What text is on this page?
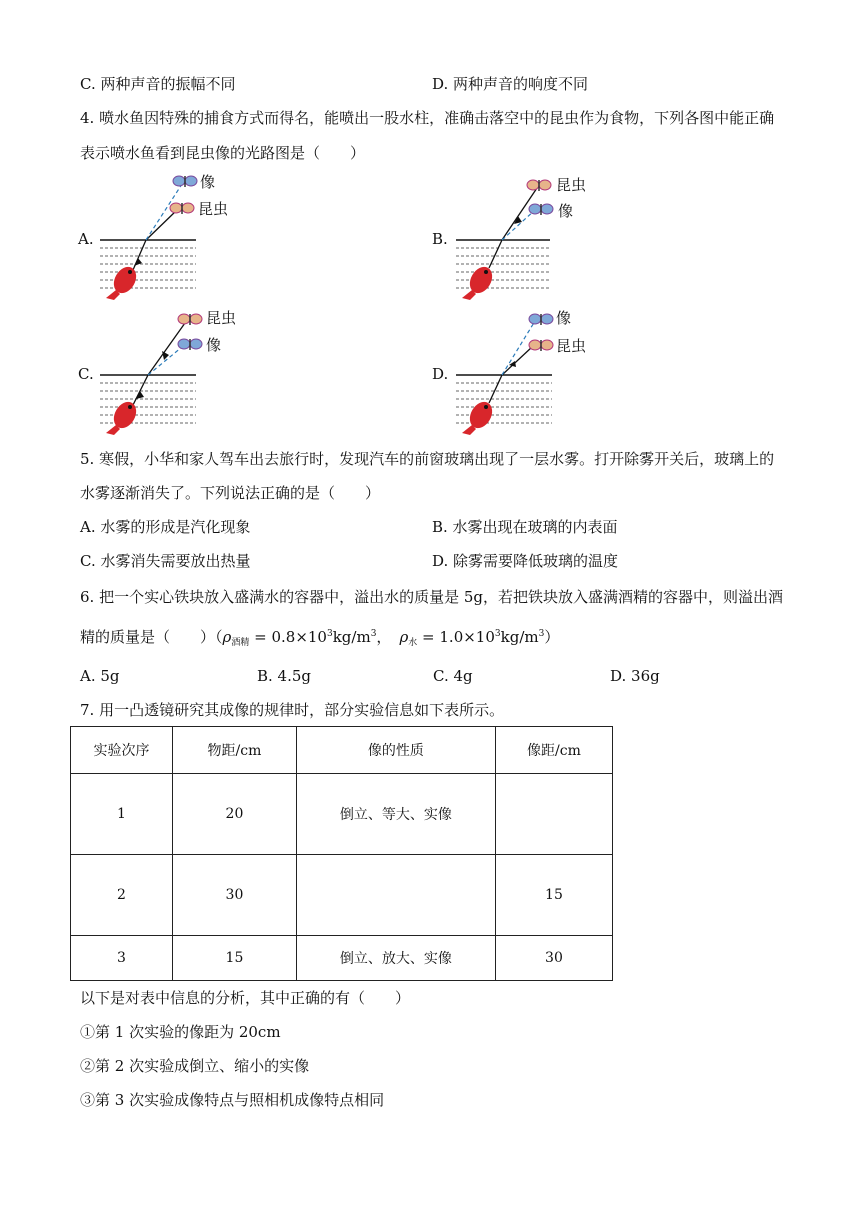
C. 两种声音的振幅不同	D. 两种声音的响度不同
4. 喷水鱼因特殊的捕食方式而得名，能喷出一股水柱，准确击落空中的昆虫作为食物，下列各图中能正确
表示喷水鱼看到昆虫像的光路图是（　　）
A.
像
昆虫
B.
昆虫
像
C.
昆虫
像
D.
像
昆虫
5. 寒假，小华和家人驾车出去旅行时，发现汽车的前窗玻璃出现了一层水雾。打开除雾开关后，玻璃上的
水雾逐渐消失了。下列说法正确的是（　　）
A. 水雾的形成是汽化现象	B. 水雾出现在玻璃的内表面
C. 水雾消失需要放出热量	D. 除雾需要降低玻璃的温度
6. 把一个实心铁块放入盛满水的容器中，溢出水的质量是 5g，若把铁块放入盛满酒精的容器中，则溢出酒
精的质量是（　　）（$\rho_{酒精} = 0.8\times 10^3kg/m^3$， $\rho_水 = 1.0\times 10^3kg/m^3$）
A. 5g	B. 4.5g	C. 4g	D. 36g
7. 用一凸透镜研究其成像的规律时，部分实验信息如下表所示。
实验次序	物距/cm	像的性质	像距/cm
1	20	倒立、等大、实像	
2	30		15
3	15	倒立、放大、实像	30
以下是对表中信息的分析，其中正确的有（　　）
①第 1 次实验的像距为 20cm
②第 2 次实验成倒立、缩小的实像
③第 3 次实验成像特点与照相机成像特点相同
